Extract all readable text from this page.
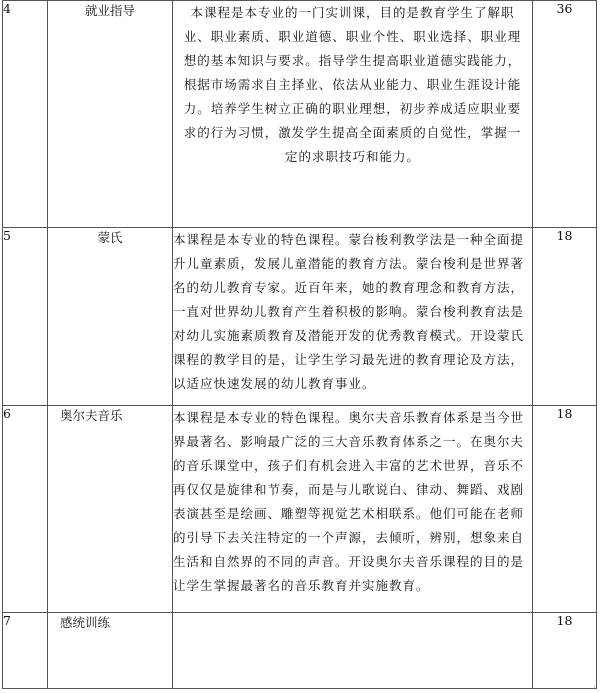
4	就业指导	本课程是本专业的一门实训课，目的是教育学生了解职业、职业素质、职业道德、职业个性、职业选择、职业理想的基本知识与要求。指导学生提高职业道德实践能力，根据市场需求自主择业、依法从业能力、职业生涯设计能力。培养学生树立正确的职业理想，初步养成适应职业要求的行为习惯，激发学生提高全面素质的自觉性，掌握一定的求职技巧和能力。	36
5	蒙氏	本课程是本专业的特色课程。蒙台梭利教学法是一种全面提升儿童素质，发展儿童潜能的教育方法。蒙台梭利是世界著名的幼儿教育专家。近百年来，她的教育理念和教育方法，一直对世界幼儿教育产生着积极的影响。蒙台梭利教育法是对幼儿实施素质教育及潜能开发的优秀教育模式。开设蒙氏课程的教学目的是，让学生学习最先进的教育理论及方法，以适应快速发展的幼儿教育事业。	18
6	奥尔夫音乐	本课程是本专业的特色课程。奥尔夫音乐教育体系是当今世界最著名、影响最广泛的三大音乐教育体系之一。在奥尔夫的音乐课堂中，孩子们有机会进入丰富的艺术世界，音乐不再仅仅是旋律和节奏，而是与儿歌说白、律动、舞蹈、戏剧表演甚至是绘画、雕塑等视觉艺术相联系。他们可能在老师的引导下去关注特定的一个声源，去倾听，辨别，想象来自生活和自然界的不同的声音。开设奥尔夫音乐课程的目的是让学生掌握最著名的音乐教育并实施教育。	18
7	感统训练		18
·
